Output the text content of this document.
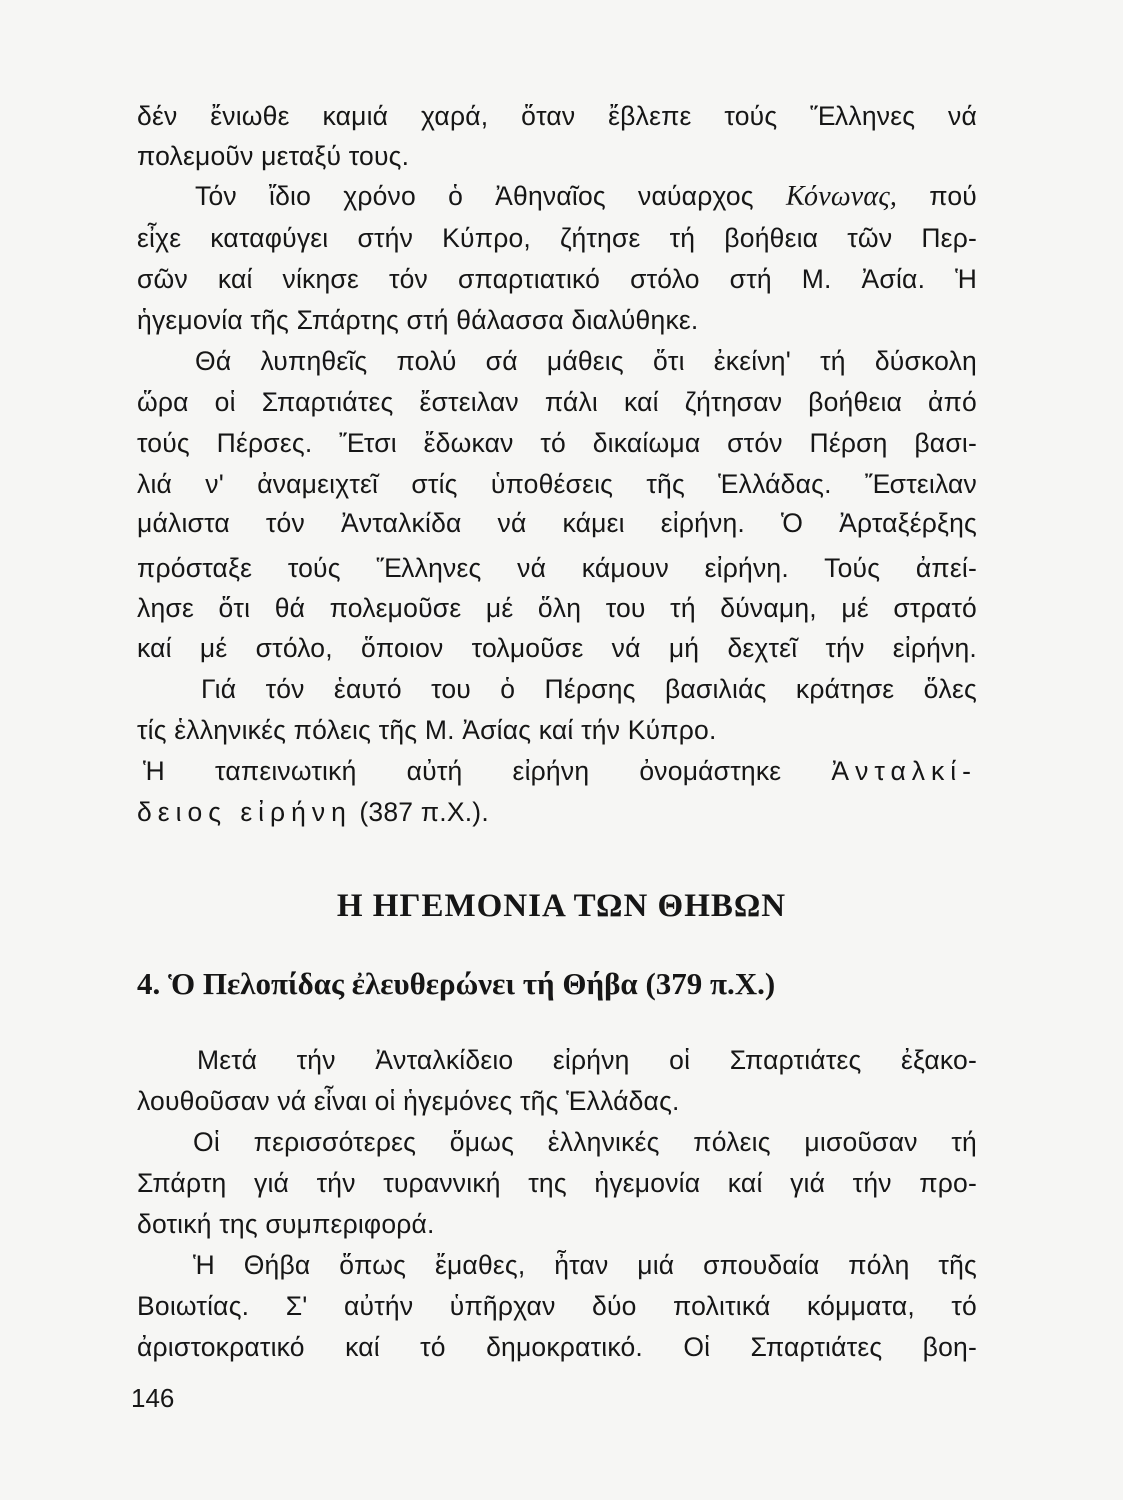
δέν ἔνιωθε καμιά χαρά, ὅταν ἔβλεπε τούς Ἕλληνες νά
πολεμοῦν μεταξύ τους.
Τόν ἴδιο χρόνο ὁ Ἀθηναῖος ναύαρχος Κόνωνας, πού
εἶχε καταφύγει στήν Κύπρο, ζήτησε τή βοήθεια τῶν Περ-
σῶν καί νίκησε τόν σπαρτιατικό στόλο στή Μ. Ἀσία. Ἡ
ἡγεμονία τῆς Σπάρτης στή θάλασσα διαλύθηκε.
Θά λυπηθεῖς πολύ σά μάθεις ὅτι ἐκείνη' τή δύσκολη
ὥρα οἱ Σπαρτιάτες ἔστειλαν πάλι καί ζήτησαν βοήθεια ἀπό
τούς Πέρσες. Ἔτσι ἔδωκαν τό δικαίωμα στόν Πέρση βασι-
λιά ν' ἀναμειχτεῖ στίς ὑποθέσεις τῆς Ἑλλάδας. Ἔστειλαν
μάλιστα τόν Ἀνταλκίδα νά κάμει εἰρήνη. Ὁ Ἀρταξέρξης
πρόσταξε τούς Ἕλληνες νά κάμουν εἰρήνη. Τούς ἀπεί-
λησε ὅτι θά πολεμοῦσε μέ ὅλη του τή δύναμη, μέ στρατό
καί μέ στόλο, ὅποιον τολμοῦσε νά μή δεχτεῖ τήν εἰρήνη.
Γιά τόν ἑαυτό του ὁ Πέρσης βασιλιάς κράτησε ὅλες
τίς ἑλληνικές πόλεις τῆς Μ. Ἀσίας καί τήν Κύπρο.
Ἡ ταπεινωτική αὐτή εἰρήνη ὀνομάστηκε Ἀνταλκί-
δειος εἰρήνη (387 π.Χ.).
Η ΗΓΕΜΟΝΙΑ ΤΩΝ ΘΗΒΩΝ
4. Ὁ Πελοπίδας ἐλευθερώνει τή Θήβα (379 π.Χ.)
Μετά τήν Ἀνταλκίδειο εἰρήνη οἱ Σπαρτιάτες ἐξακο-
λουθοῦσαν νά εἶναι οἱ ἡγεμόνες τῆς Ἑλλάδας.
Οἱ περισσότερες ὅμως ἑλληνικές πόλεις μισοῦσαν τή
Σπάρτη γιά τήν τυραννική της ἡγεμονία καί γιά τήν προ-
δοτική της συμπεριφορά.
Ἡ Θήβα ὅπως ἔμαθες, ἦταν μιά σπουδαία πόλη τῆς
Βοιωτίας. Σ' αὐτήν ὑπῆρχαν δύο πολιτικά κόμματα, τό
ἀριστοκρατικό καί τό δημοκρατικό. Οἱ Σπαρτιάτες βοη-
146
